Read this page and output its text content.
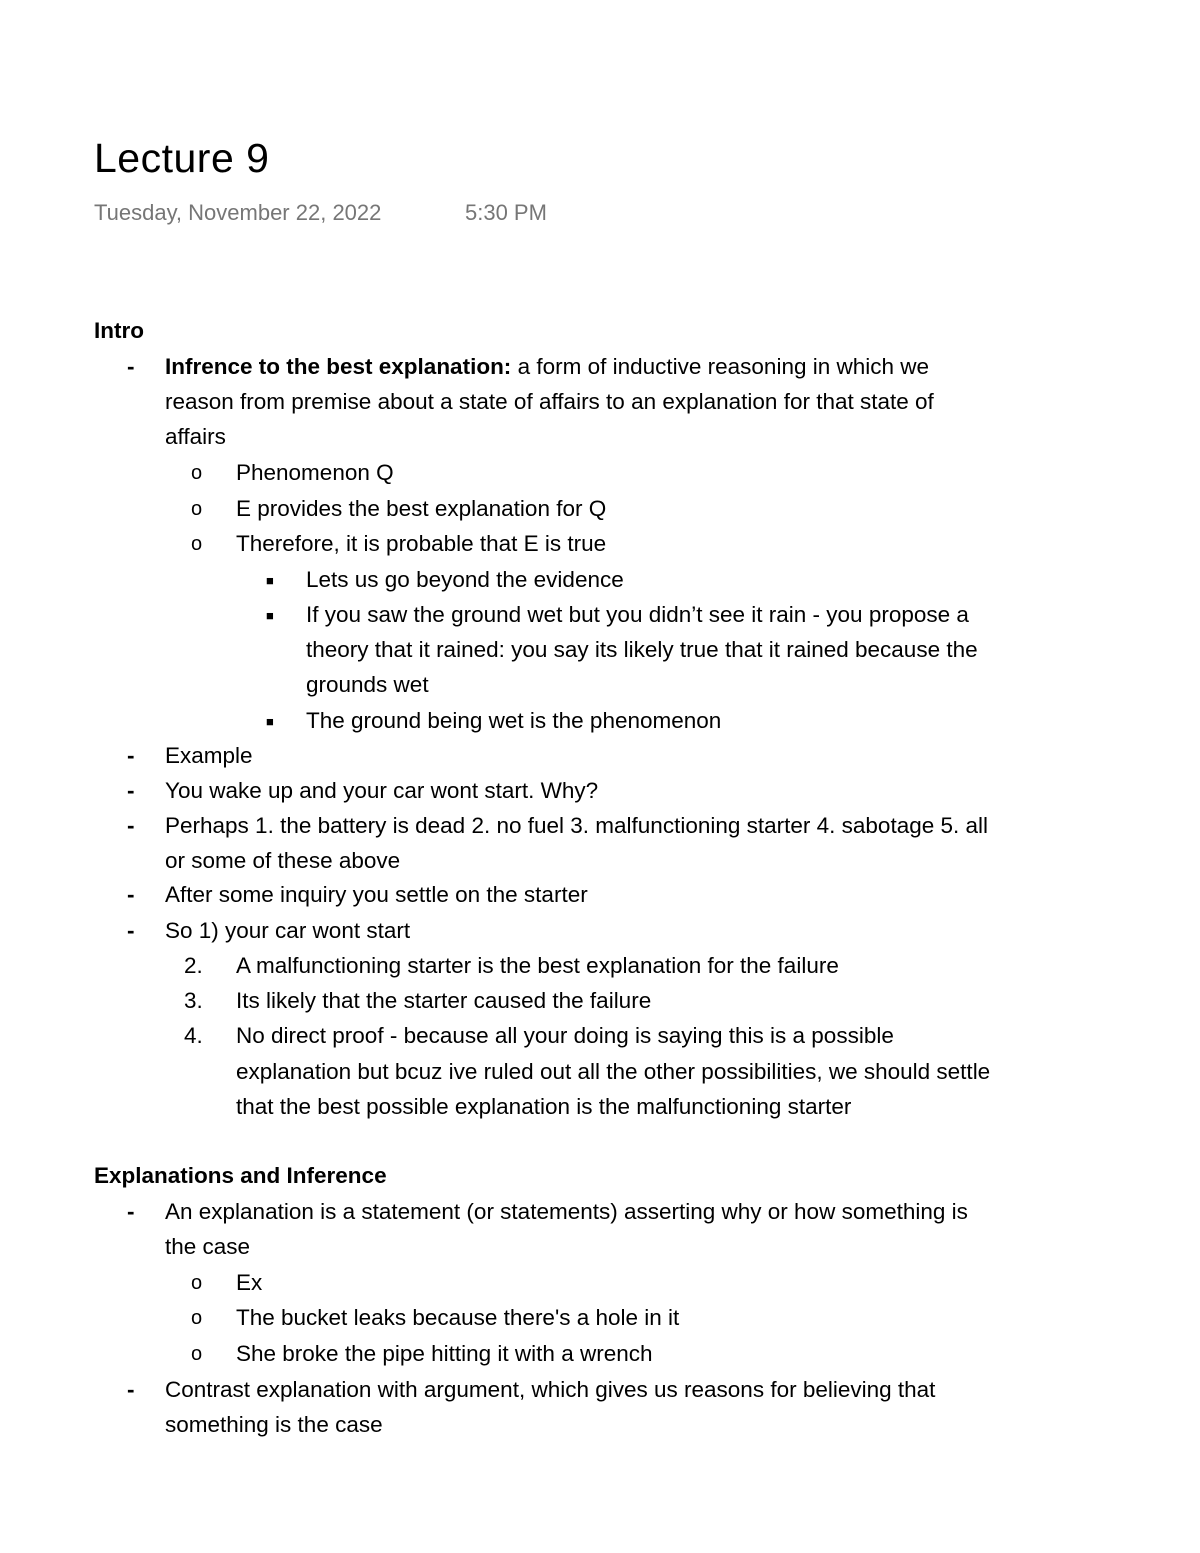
Lecture 9
Tuesday, November 22, 2022	5:30 PM
Intro
- Infrence to the best explanation: a form of inductive reasoning in which we
reason from premise about a state of affairs to an explanation for that state of
affairs
o Phenomenon Q
o E provides the best explanation for Q
o Therefore, it is probable that E is true
■ Lets us go beyond the evidence
■ If you saw the ground wet but you didn’t see it rain - you propose a
theory that it rained: you say its likely true that it rained because the
grounds wet
■ The ground being wet is the phenomenon
- Example
- You wake up and your car wont start. Why?
- Perhaps 1. the battery is dead 2. no fuel 3. malfunctioning starter 4. sabotage 5. all
or some of these above
- After some inquiry you settle on the starter
- So 1) your car wont start
2. A malfunctioning starter is the best explanation for the failure
3. Its likely that the starter caused the failure
4. No direct proof - because all your doing is saying this is a possible
explanation but bcuz ive ruled out all the other possibilities, we should settle
that the best possible explanation is the malfunctioning starter
Explanations and Inference
- An explanation is a statement (or statements) asserting why or how something is
the case
o Ex
o The bucket leaks because there's a hole in it
o She broke the pipe hitting it with a wrench
- Contrast explanation with argument, which gives us reasons for believing that
something is the case
